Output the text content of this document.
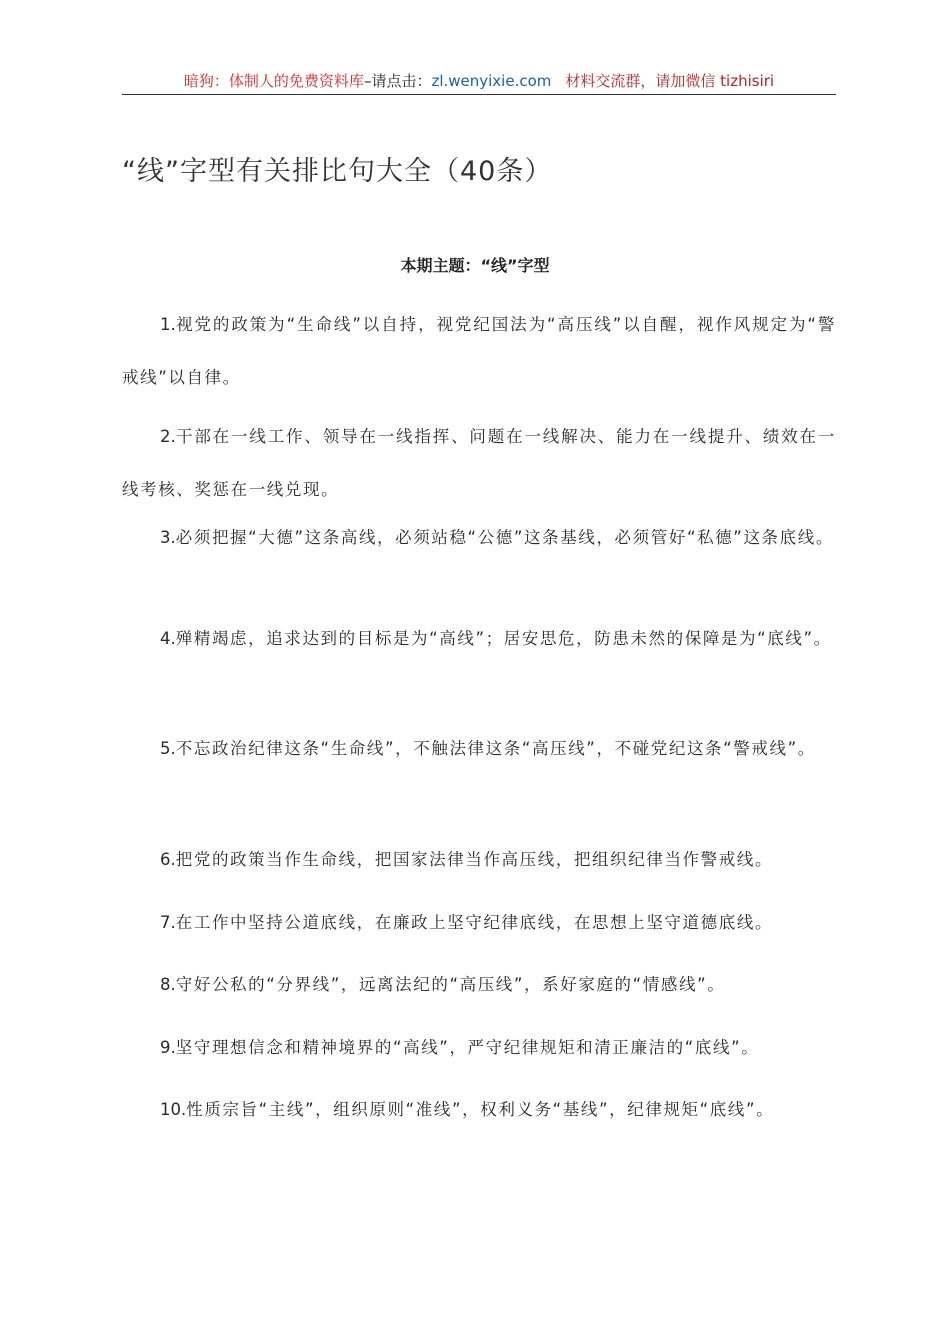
暗狗：体制人的免费资料库–请点击：zl.wenyixie.com 材料交流群，请加微信 tizhisiri
“线”字型有关排比句大全（40条）
本期主题：“线”字型
1.视党的政策为“生命线”以自持，视党纪国法为“高压线”以自醒，视作风规定为“警戒线”以自律。
2.干部在一线工作、领导在一线指挥、问题在一线解决、能力在一线提升、绩效在一线考核、奖惩在一线兑现。
3.必须把握“大德”这条高线，必须站稳“公德”这条基线，必须管好“私德”这条底线。
4.殚精竭虑，追求达到的目标是为“高线”；居安思危，防患未然的保障是为“底线”。
5.不忘政治纪律这条“生命线”，不触法律这条“高压线”，不碰党纪这条“警戒线”。
6.把党的政策当作生命线，把国家法律当作高压线，把组织纪律当作警戒线。
7.在工作中坚持公道底线，在廉政上坚守纪律底线，在思想上坚守道德底线。
8.守好公私的“分界线”，远离法纪的“高压线”，系好家庭的“情感线”。
9.坚守理想信念和精神境界的“高线”，严守纪律规矩和清正廉洁的“底线”。
10.性质宗旨“主线”，组织原则“准线”，权利义务“基线”，纪律规矩“底线”。
